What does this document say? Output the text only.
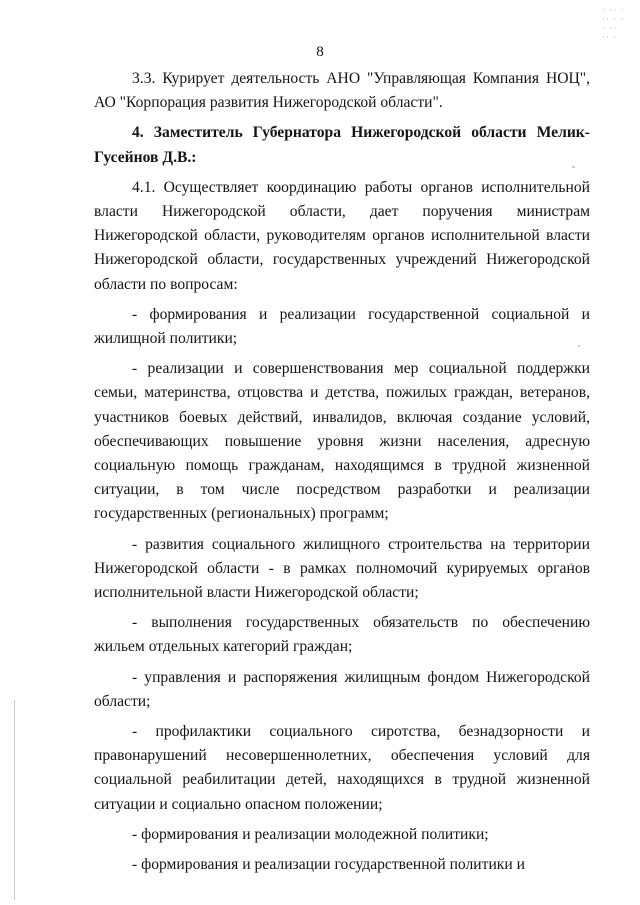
· ·· ·
·· · ·
· ··
·· ·
8

3.3. Курирует деятельность АНО "Управляющая Компания НОЦ", АО "Корпорация развития Нижегородской области".

4. Заместитель Губернатора Нижегородской области Мелик-Гусейнов Д.В.:

4.1. Осуществляет координацию работы органов исполнительной власти Нижегородской области, дает поручения министрам Нижегородской области, руководителям органов исполнительной власти Нижегородской области, государственных учреждений Нижегородской области по вопросам:

- формирования и реализации государственной социальной и жилищной политики;

- реализации и совершенствования мер социальной поддержки семьи, материнства, отцовства и детства, пожилых граждан, ветеранов, участников боевых действий, инвалидов, включая создание условий, обеспечивающих повышение уровня жизни населения, адресную социальную помощь гражданам, находящимся в трудной жизненной ситуации, в том числе посредством разработки и реализации государственных (региональных) программ;

- развития социального жилищного строительства на территории Нижегородской области - в рамках полномочий курируемых органов исполнительной власти Нижегородской области;

- выполнения государственных обязательств по обеспечению жильем отдельных категорий граждан;

- управления и распоряжения жилищным фондом Нижегородской области;

- профилактики социального сиротства, безнадзорности и правонарушений несовершеннолетних, обеспечения условий для социальной реабилитации детей, находящихся в трудной жизненной ситуации и социально опасном положении;

- формирования и реализации молодежной политики;

- формирования и реализации государственной политики и
